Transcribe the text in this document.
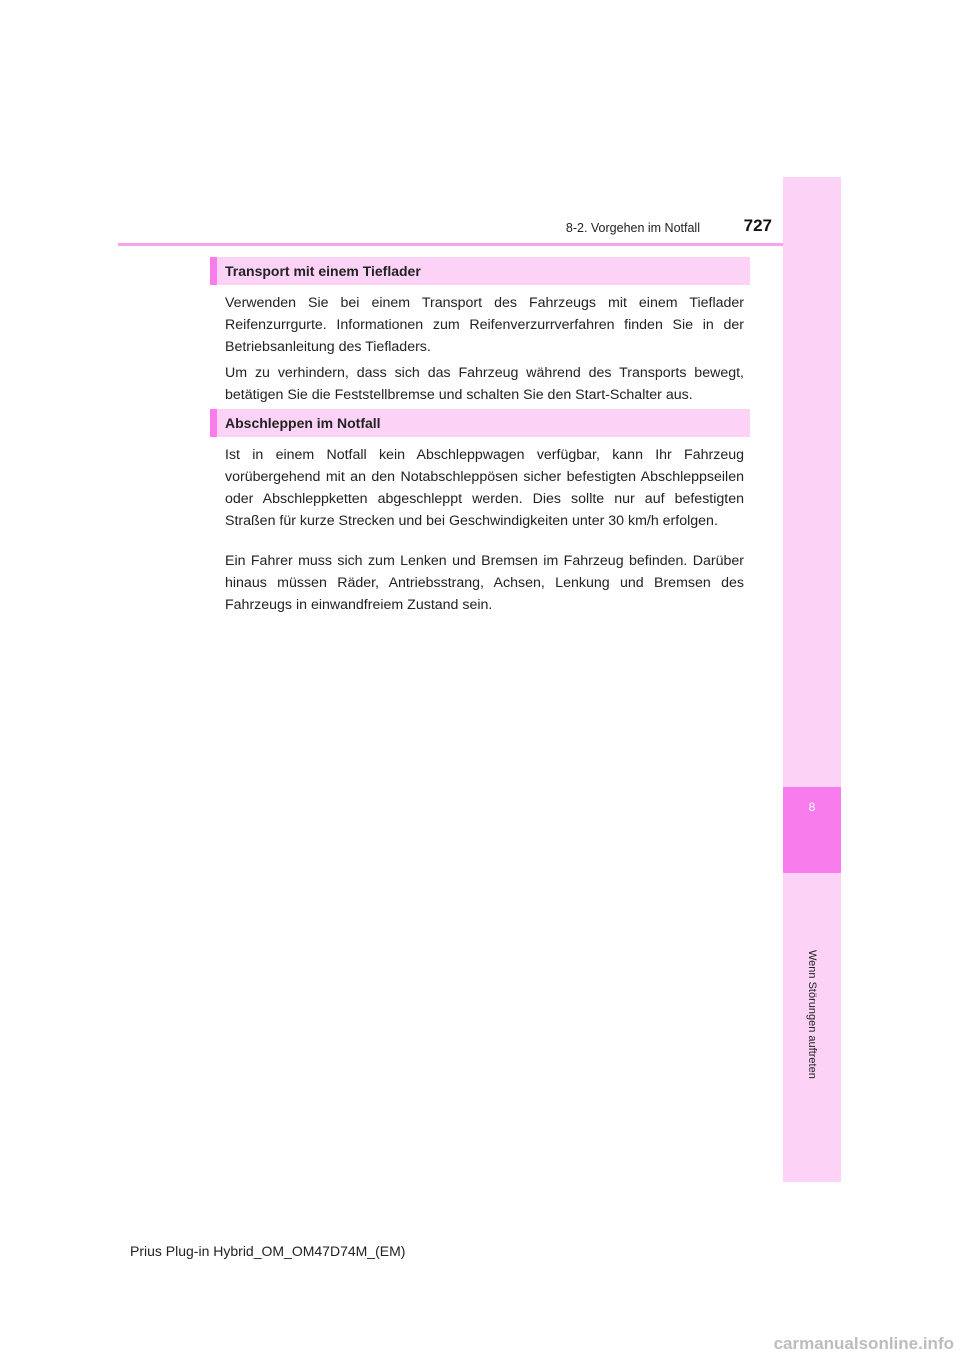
8-2. Vorgehen im Notfall	727
8
Wenn Störungen auftreten
Transport mit einem Tieflader

Verwenden Sie bei einem Transport des Fahrzeugs mit einem Tieflader Reifenzurrgurte. Informationen zum Reifenverzurrverfahren finden Sie in der Betriebsanleitung des Tiefladers.

Um zu verhindern, dass sich das Fahrzeug während des Transports bewegt, betätigen Sie die Feststellbremse und schalten Sie den Start-Schalter aus.

Abschleppen im Notfall

Ist in einem Notfall kein Abschleppwagen verfügbar, kann Ihr Fahrzeug vorübergehend mit an den Notabschleppösen sicher befestigten Abschleppseilen oder Abschleppketten abgeschleppt werden. Dies sollte nur auf befestigten Straßen für kurze Strecken und bei Geschwindigkeiten unter 30 km/h erfolgen.

Ein Fahrer muss sich zum Lenken und Bremsen im Fahrzeug befinden. Darüber hinaus müssen Räder, Antriebsstrang, Achsen, Lenkung und Bremsen des Fahrzeugs in einwandfreiem Zustand sein.

Prius Plug-in Hybrid_OM_OM47D74M_(EM)
carmanualsonline.info
